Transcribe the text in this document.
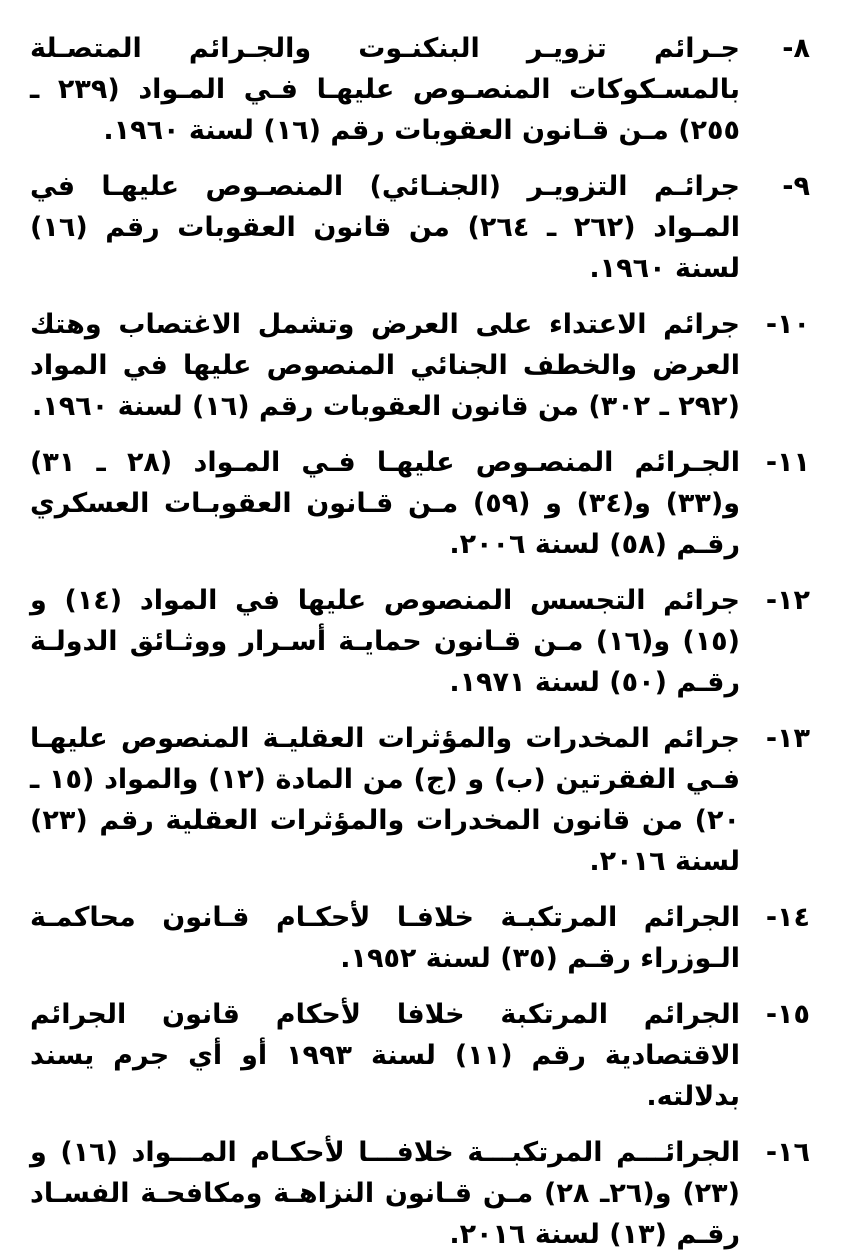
٨-
جـرائم تزويـر البنكنـوت والجـرائم المتصـلة بالمسـكوكات المنصـوص عليهـا فـي المـواد (٢٣٩ ـ ٢٥٥) مـن قـانون العقوبات رقم (١٦) لسنة ١٩٦٠.
٩-
جرائـم التزويـر (الجنـائي) المنصـوص عليهـا في المـواد (٢٦٢ ـ ٢٦٤) من قانون العقوبات رقم (١٦) لسنة ١٩٦٠.
١٠-
جرائم الاعتداء على العرض وتشمل الاغتصاب وهتك العرض والخطف الجنائي المنصوص عليها في المواد (٢٩٢ ـ ٣٠٢) من قانون العقوبات رقم (١٦) لسنة ١٩٦٠.
١١-
الجـرائم المنصـوص عليهـا فـي المـواد (٢٨ ـ ٣١) و(٣٣) و(٣٤) و (٥٩) مـن قـانون العقوبـات العسكري رقـم (٥٨) لسنة ٢٠٠٦.
١٢-
جرائم التجسس المنصوص عليها في المواد (١٤) و (١٥) و(١٦) مـن قـانون حمايـة أسـرار ووثـائق الدولـة رقـم (٥٠) لسنة ١٩٧١.
١٣-
جرائم المخدرات والمؤثرات العقليـة المنصوص عليهـا فـي الفقرتين (ب) و (ج) من المادة (١٢) والمواد (١٥ ـ ٢٠) من قانون المخدرات والمؤثرات العقلية رقم (٢٣) لسنة ٢٠١٦.
١٤-
الجرائم المرتكبـة خلافـا لأحكـام قـانون محاكمـة الـوزراء رقـم (٣٥) لسنة ١٩٥٢.
١٥-
الجرائم المرتكبة خلافا لأحكام قانون الجرائم الاقتصادية رقم (١١) لسنة ١٩٩٣ أو أي جرم يسند بدلالته.
١٦-
الجرائـــم المرتكبـــة خلافـــا لأحكـام المـــواد (١٦) و (٢٣) و(٢٦ـ ٢٨) مـن قـانون النزاهـة ومكافحـة الفسـاد رقـم (١٣) لسنة ٢٠١٦.
